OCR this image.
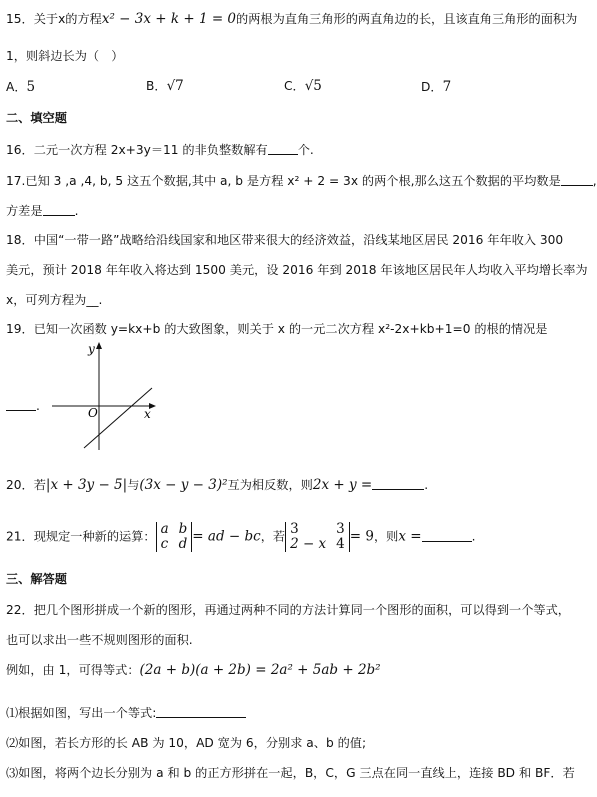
15．关于x的方程x² − 3x + k + 1 = 0的两根为直角三角形的两直角边的长，且该直角三角形的面积为
1，则斜边长为（　）
A．5	B．√7	C．√5	D．7
二、填空题
16．二元一次方程 2x+3y＝11 的非负整数解有 个.
17.已知 3 ,a ,4, b, 5 这五个数据,其中 a, b 是方程 x² + 2 = 3x 的两个根,那么这五个数据的平均数是	,
方差是	.
18．中国“一带一路”战略给沿线国家和地区带来很大的经济效益，沿线某地区居民 2016 年年收入 300
美元，预计 2018 年年收入将达到 1500 美元，设 2016 年到 2018 年该地区居民年人均收入平均增长率为
x，可列方程为__.
19．已知一次函数 y=kx+b 的大致图象，则关于 x 的一元二次方程 x²-2x+kb+1=0 的根的情况是
.
y
x
O
20．若|x + 3y − 5|与(3x − y − 3)²互为相反数，则2x + y =	.
21．现规定一种新的运算： a b
c d = ad − bc，若 3	3
2 − x 4 = 9，则x =	.
三、解答题
22．把几个图形拼成一个新的图形，再通过两种不同的方法计算同一个图形的面积，可以得到一个等式，
也可以求出一些不规则图形的面积.
例如，由 1，可得等式：(2a + b)(a + 2b) = 2a² + 5ab + 2b²
⑴根据如图，写出一个等式:
⑵如图，若长方形的长 AB 为 10，AD 宽为 6，分别求 a、b 的值;
⑶如图，将两个边长分别为 a 和 b 的正方形拼在一起，B，C，G 三点在同一直线上，连接 BD 和 BF．若
